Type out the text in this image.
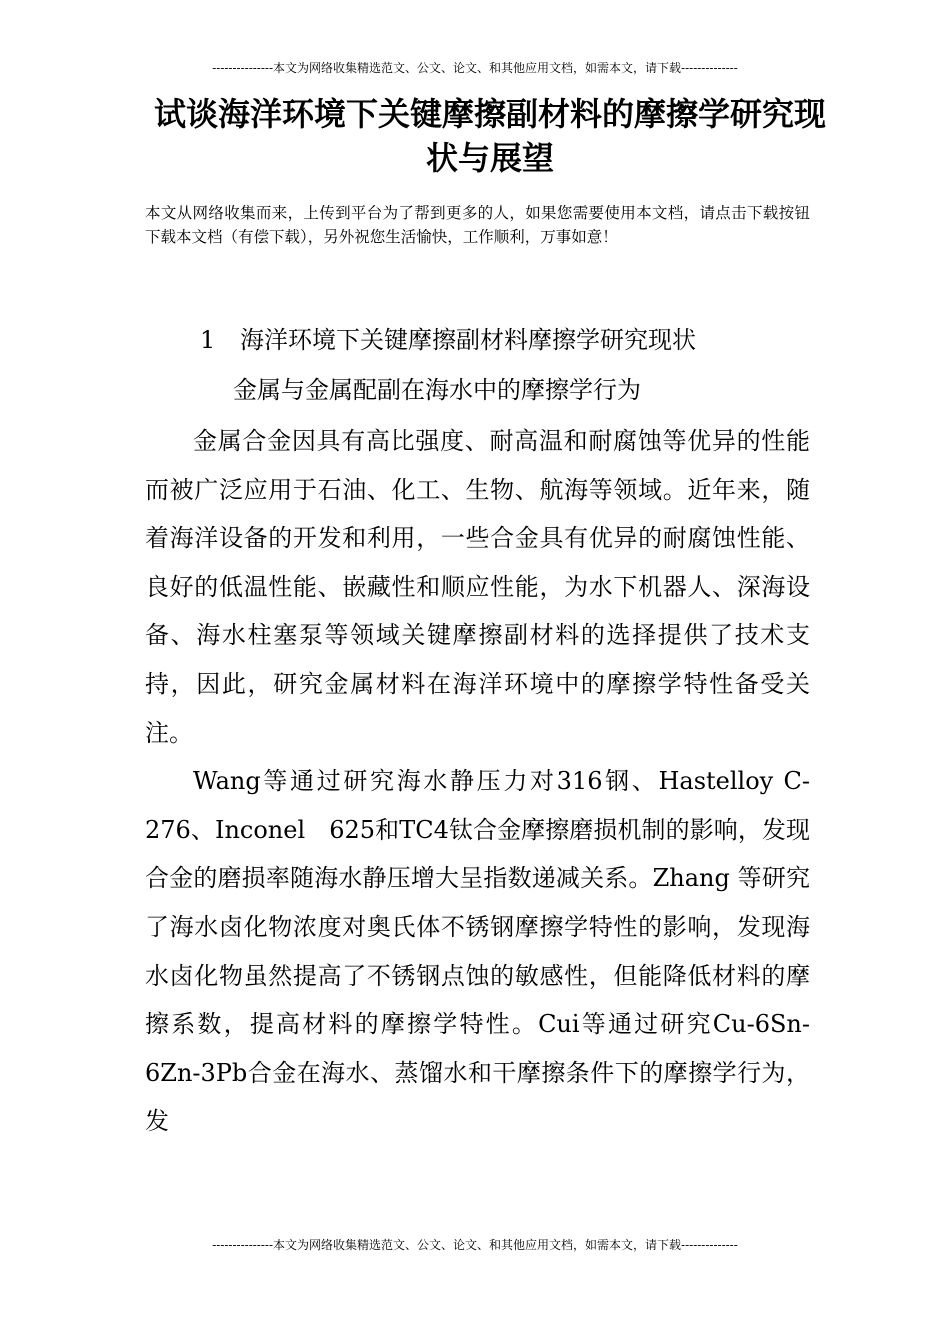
---------------本文为网络收集精选范文、公文、论文、和其他应用文档，如需本文，请下载--------------
试谈海洋环境下关键摩擦副材料的摩擦学研究现状与展望

本文从网络收集而来，上传到平台为了帮到更多的人，如果您需要使用本文档，请点击下载按钮下载本文档（有偿下载），另外祝您生活愉快，工作顺利，万事如意！

1 海洋环境下关键摩擦副材料摩擦学研究现状
金属与金属配副在海水中的摩擦学行为

金属合金因具有高比强度、耐高温和耐腐蚀等优异的性能而被广泛应用于石油、化工、生物、航海等领域。近年来，随着海洋设备的开发和利用，一些合金具有优异的耐腐蚀性能、良好的低温性能、嵌藏性和顺应性能，为水下机器人、深海设备、海水柱塞泵等领域关键摩擦副材料的选择提供了技术支持，因此，研究金属材料在海洋环境中的摩擦学特性备受关注。

Wang等通过研究海水静压力对316钢、Hastelloy C-276、Inconel　625和TC4钛合金摩擦磨损机制的影响，发现合金的磨损率随海水静压增大呈指数递减关系。Zhang 等研究了海水卤化物浓度对奥氏体不锈钢摩擦学特性的影响，发现海水卤化物虽然提高了不锈钢点蚀的敏感性，但能降低材料的摩擦系数，提高材料的摩擦学特性。Cui等通过研究Cu-6Sn-6Zn-3Pb合金在海水、蒸馏水和干摩擦条件下的摩擦学行为，发

---------------本文为网络收集精选范文、公文、论文、和其他应用文档，如需本文，请下载--------------
